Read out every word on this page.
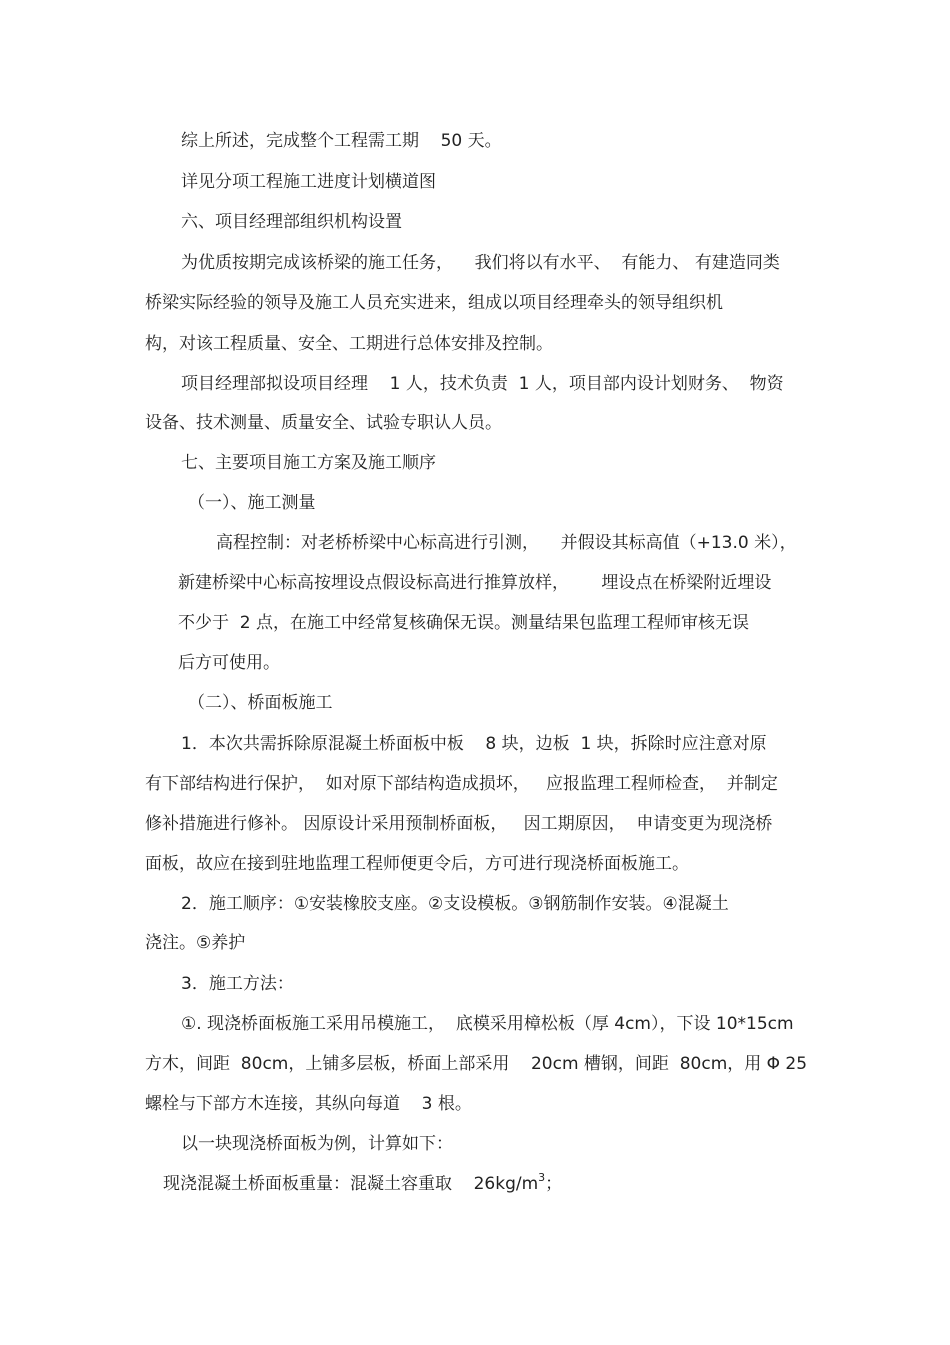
综上所述，完成整个工程需工期    50 天。
详见分项工程施工进度计划横道图
六、项目经理部组织机构设置
为优质按期完成该桥梁的施工任务，    我们将以有水平、  有能力、 有建造同类
桥梁实际经验的领导及施工人员充实进来，组成以项目经理牵头的领导组织机
构，对该工程质量、安全、工期进行总体安排及控制。
项目经理部拟设项目经理    1 人，技术负责  1 人，项目部内设计划财务、  物资
设备、技术测量、质量安全、试验专职认人员。
七、主要项目施工方案及施工顺序
（一）、施工测量
高程控制：对老桥桥梁中心标高进行引测，    并假设其标高值（+13.0 米），
新建桥梁中心标高按埋设点假设标高进行推算放样，      埋设点在桥梁附近埋设
不少于  2 点，在施工中经常复核确保无误。测量结果包监理工程师审核无误
后方可使用。
（二）、桥面板施工
1．本次共需拆除原混凝土桥面板中板    8 块，边板  1 块，拆除时应注意对原
有下部结构进行保护，  如对原下部结构造成损坏，   应报监理工程师检查，  并制定
修补措施进行修补。 因原设计采用预制桥面板，   因工期原因，  申请变更为现浇桥
面板，故应在接到驻地监理工程师便更令后，方可进行现浇桥面板施工。
2．施工顺序：①安装橡胶支座。②支设模板。③钢筋制作安装。④混凝土
浇注。⑤养护
3．施工方法：
①. 现浇桥面板施工采用吊模施工，  底模采用樟松板（厚 4cm），下设 10*15cm
方木，间距  80cm，上铺多层板，桥面上部采用    20cm 槽钢，间距  80cm，用 Φ 25
螺栓与下部方木连接，其纵向每道    3 根。
以一块现浇桥面板为例，计算如下：
现浇混凝土桥面板重量：混凝土容重取    $26kg/m^3$；
